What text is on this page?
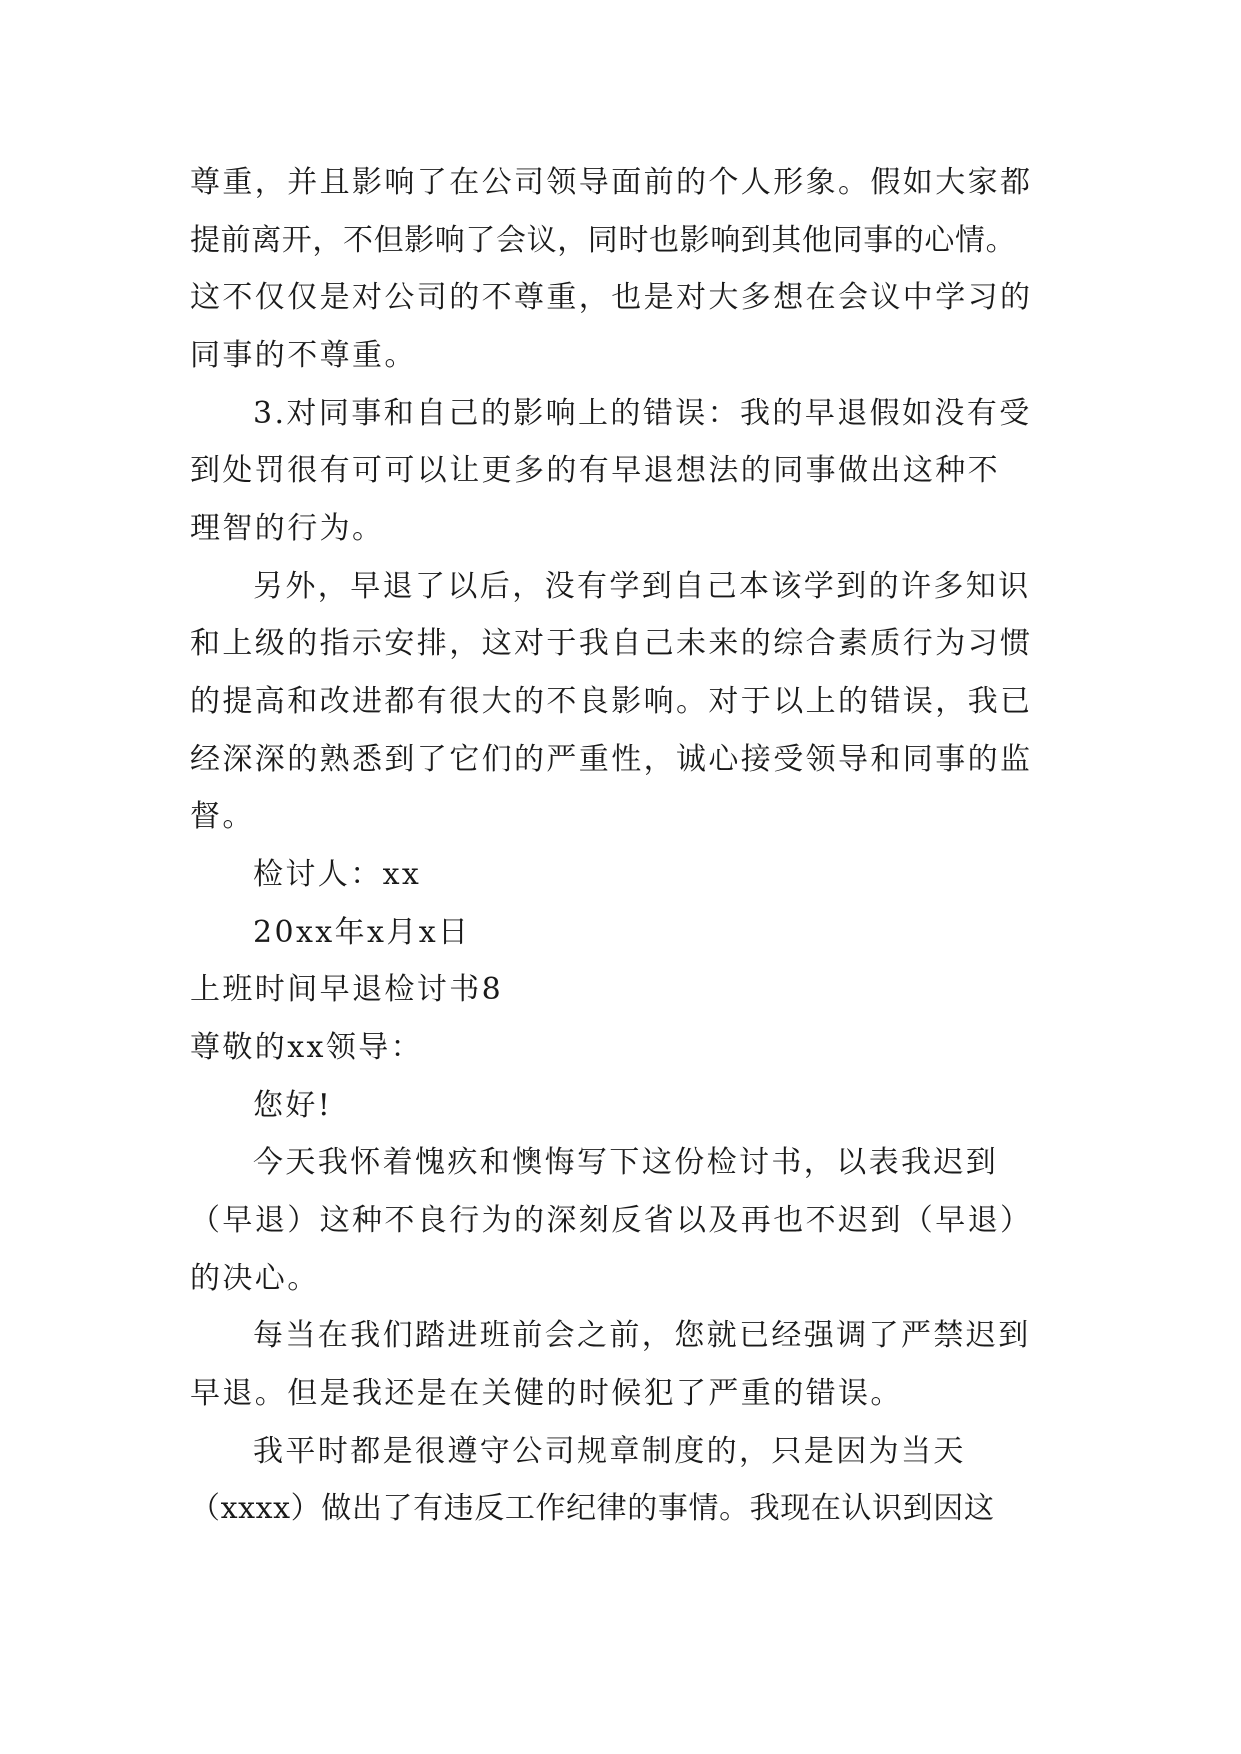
尊重，并且影响了在公司领导面前的个人形象。假如大家都
提前离开，不但影响了会议，同时也影响到其他同事的心情。
这不仅仅是对公司的不尊重，也是对大多想在会议中学习的
同事的不尊重。
3.对同事和自己的影响上的错误：我的早退假如没有受
到处罚很有可可以让更多的有早退想法的同事做出这种不
理智的行为。
另外，早退了以后，没有学到自己本该学到的许多知识
和上级的指示安排，这对于我自己未来的综合素质行为习惯
的提高和改进都有很大的不良影响。对于以上的错误，我已
经深深的熟悉到了它们的严重性，诚心接受领导和同事的监
督。
检讨人：xx
20xx年x月x日
上班时间早退检讨书8
尊敬的xx领导：
您好!
今天我怀着愧疚和懊悔写下这份检讨书，以表我迟到
（早退）这种不良行为的深刻反省以及再也不迟到（早退）
的决心。
每当在我们踏进班前会之前，您就已经强调了严禁迟到
早退。但是我还是在关健的时候犯了严重的错误。
我平时都是很遵守公司规章制度的，只是因为当天
（xxxx）做出了有违反工作纪律的事情。我现在认识到因这
